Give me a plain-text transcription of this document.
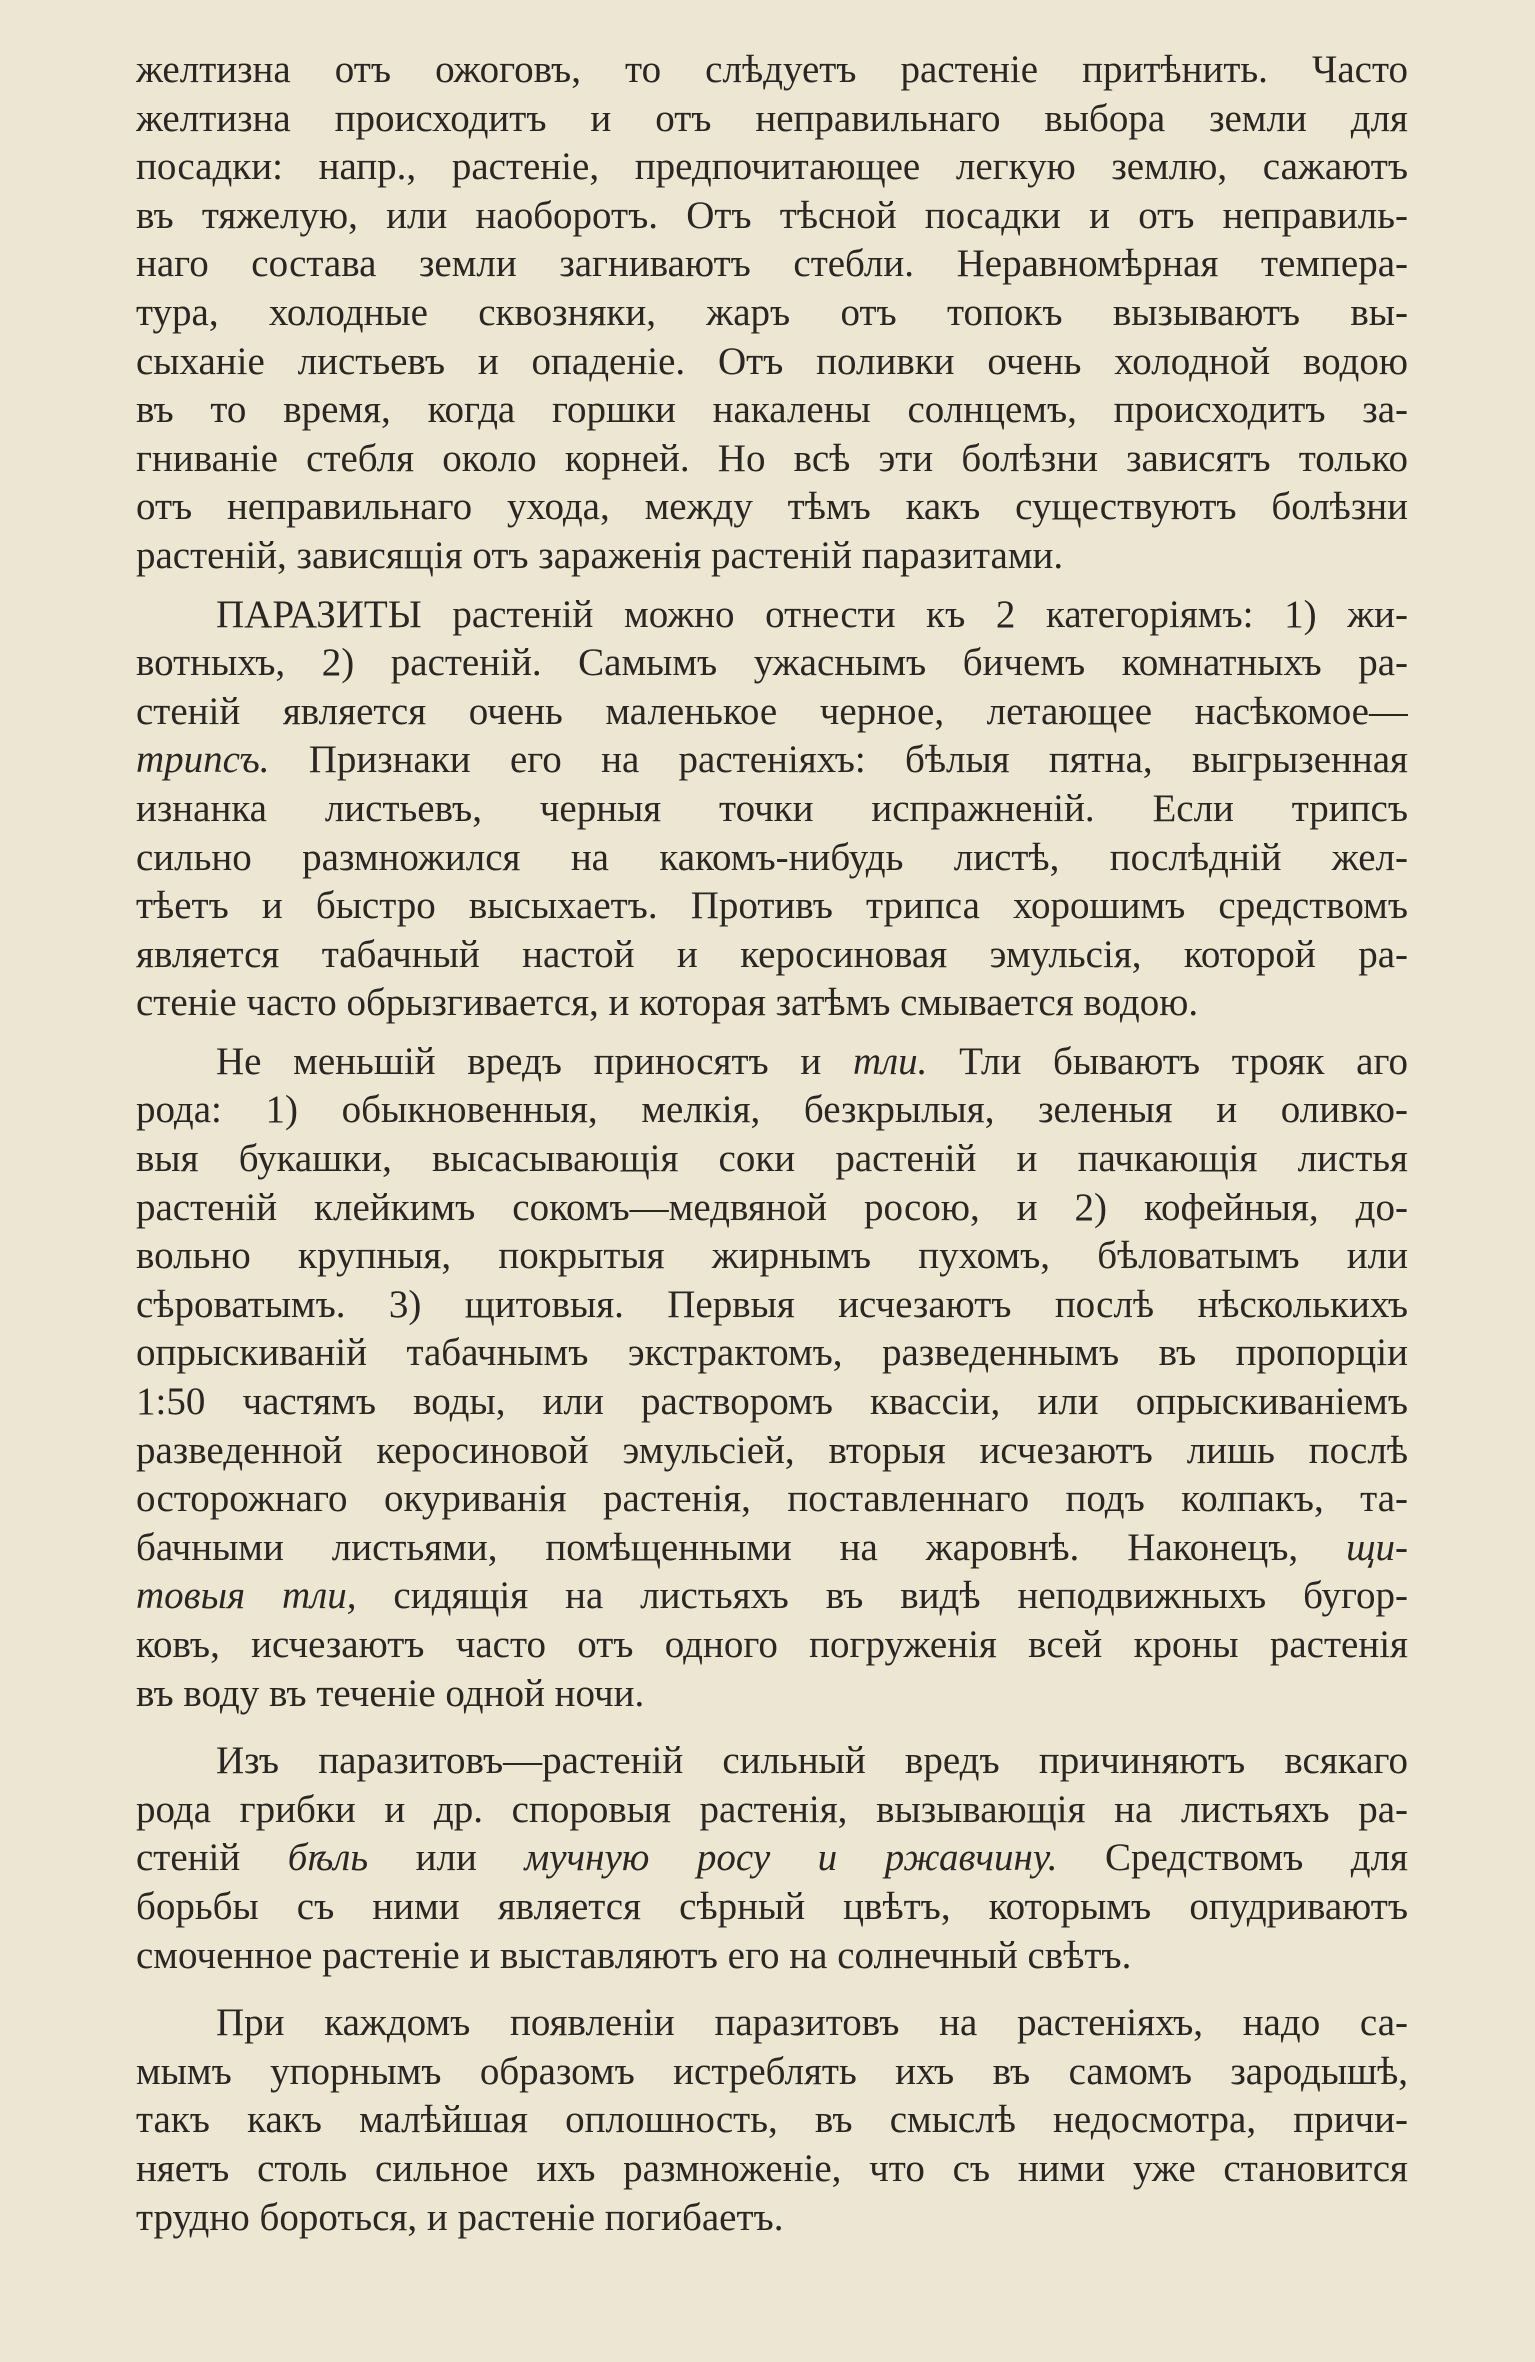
желтизна отъ ожоговъ, то слѣдуетъ растеніе притѣнить. Часто
желтизна происходитъ и отъ неправильнаго выбора земли для
посадки: напр., растеніе, предпочитающее легкую землю, сажаютъ
въ тяжелую, или наоборотъ. Отъ тѣсной посадки и отъ неправиль-
наго состава земли загниваютъ стебли. Неравномѣрная темпера-
тура, холодные сквозняки, жаръ отъ топокъ вызываютъ вы-
сыханіе листьевъ и опаденіе. Отъ поливки очень холодной водою
въ то время, когда горшки накалены солнцемъ, происходитъ за-
гниваніе стебля около корней. Но всѣ эти болѣзни зависятъ только
отъ неправильнаго ухода, между тѣмъ какъ существуютъ болѣзни
растеній, зависящія отъ зараженія растеній паразитами.
ПАРАЗИТЫ растеній можно отнести къ 2 категоріямъ: 1) жи-
вотныхъ, 2) растеній. Самымъ ужаснымъ бичемъ комнатныхъ ра-
стеній является очень маленькое черное, летающее насѣкомое—
трипсъ. Признаки его на растеніяхъ: бѣлыя пятна, выгрызенная
изнанка листьевъ, черныя точки испражненій. Если трипсъ
сильно размножился на какомъ-нибудь листѣ, послѣдній жел-
тѣетъ и быстро высыхаетъ. Противъ трипса хорошимъ средствомъ
является табачный настой и керосиновая эмульсія, которой ра-
стеніе часто обрызгивается, и которая затѣмъ смывается водою.
Не меньшій вредъ приносятъ и тли. Тли бываютъ трояк аго
рода: 1) обыкновенныя, мелкія, безкрылыя, зеленыя и оливко-
выя букашки, высасывающія соки растеній и пачкающія листья
растеній клейкимъ сокомъ—медвяной росою, и 2) кофейныя, до-
вольно крупныя, покрытыя жирнымъ пухомъ, бѣловатымъ или
сѣроватымъ. 3) щитовыя. Первыя исчезаютъ послѣ нѣсколькихъ
опрыскиваній табачнымъ экстрактомъ, разведеннымъ въ пропорціи
1:50 частямъ воды, или растворомъ квассіи, или опрыскиваніемъ
разведенной керосиновой эмульсіей, вторыя исчезаютъ лишь послѣ
осторожнаго окуриванія растенія, поставленнаго подъ колпакъ, та-
бачными листьями, помѣщенными на жаровнѣ. Наконецъ, щи-
товыя тли, сидящія на листьяхъ въ видѣ неподвижныхъ бугор-
ковъ, исчезаютъ часто отъ одного погруженія всей кроны растенія
въ воду въ теченіе одной ночи.
Изъ паразитовъ—растеній сильный вредъ причиняютъ всякаго
рода грибки и др. споровыя растенія, вызывающія на листьяхъ ра-
стеній бѣль или мучную росу и ржавчину. Средствомъ для
борьбы съ ними является сѣрный цвѣтъ, которымъ опудриваютъ
смоченное растеніе и выставляютъ его на солнечный свѣтъ.
При каждомъ появленіи паразитовъ на растеніяхъ, надо са-
мымъ упорнымъ образомъ истреблять ихъ въ самомъ зародышѣ,
такъ какъ малѣйшая оплошность, въ смыслѣ недосмотра, причи-
няетъ столь сильное ихъ размноженіе, что съ ними уже становится
трудно бороться, и растеніе погибаетъ.
